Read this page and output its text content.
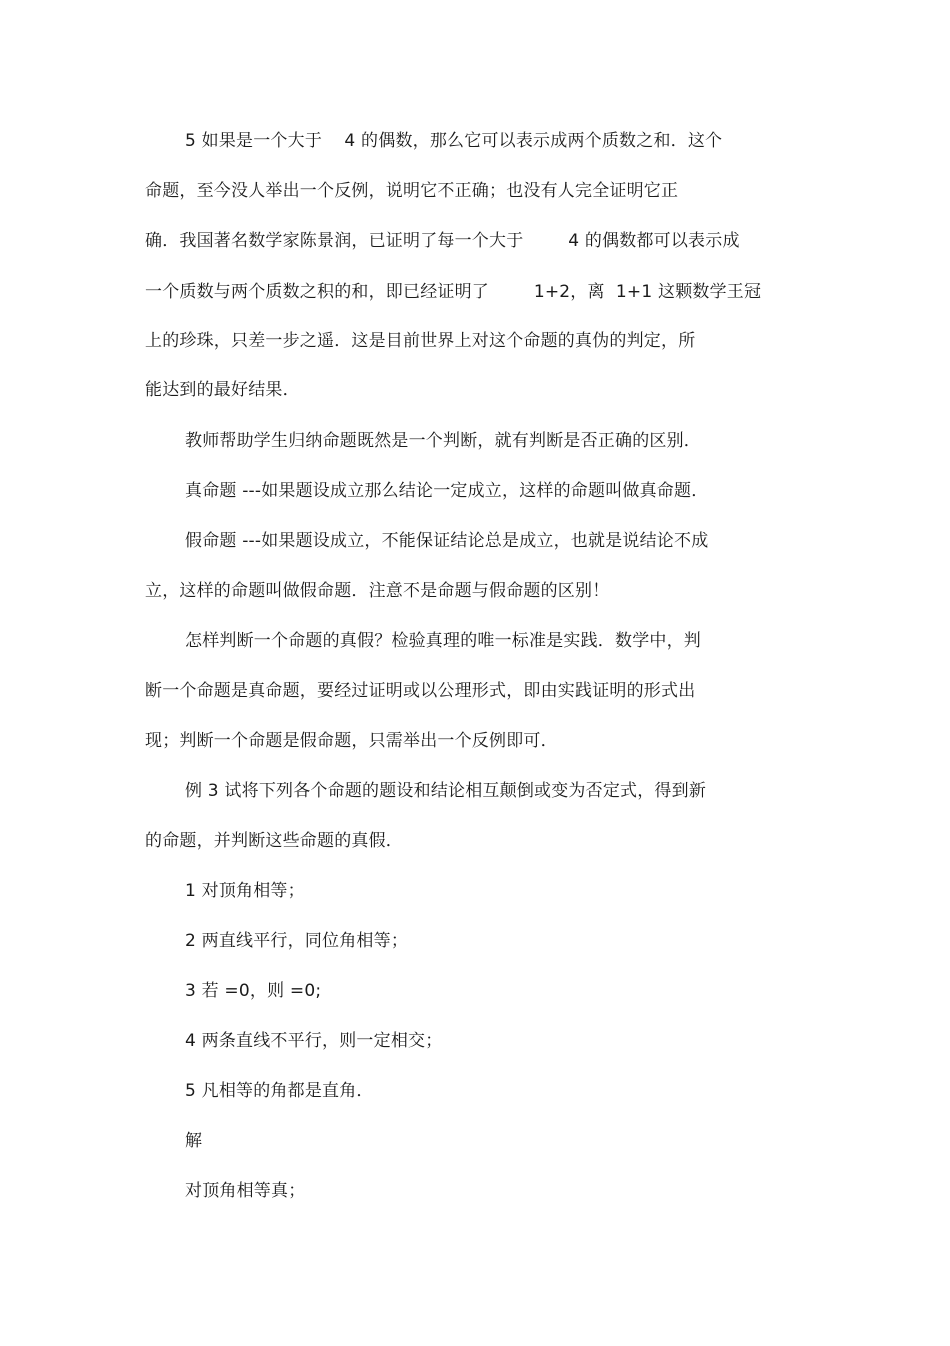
5 如果是一个大于    4 的偶数，那么它可以表示成两个质数之和．这个

命题，至今没人举出一个反例，说明它不正确；也没有人完全证明它正

确．我国著名数学家陈景润，已证明了每一个大于        4 的偶数都可以表示成

一个质数与两个质数之积的和，即已经证明了        1+2，离  1+1 这颗数学王冠

上的珍珠，只差一步之遥．这是目前世界上对这个命题的真伪的判定，所

能达到的最好结果．

教师帮助学生归纳命题既然是一个判断，就有判断是否正确的区别．

真命题 ---如果题设成立那么结论一定成立，这样的命题叫做真命题．

假命题 ---如果题设成立，不能保证结论总是成立，也就是说结论不成

立，这样的命题叫做假命题．注意不是命题与假命题的区别！

怎样判断一个命题的真假？检验真理的唯一标准是实践．数学中，判

断一个命题是真命题，要经过证明或以公理形式，即由实践证明的形式出

现；判断一个命题是假命题，只需举出一个反例即可．

例 3 试将下列各个命题的题设和结论相互颠倒或变为否定式，得到新

的命题，并判断这些命题的真假．

1 对顶角相等；

2 两直线平行，同位角相等；

3 若 =0，则 =0;

4 两条直线不平行，则一定相交；

5 凡相等的角都是直角．

解

对顶角相等真；
